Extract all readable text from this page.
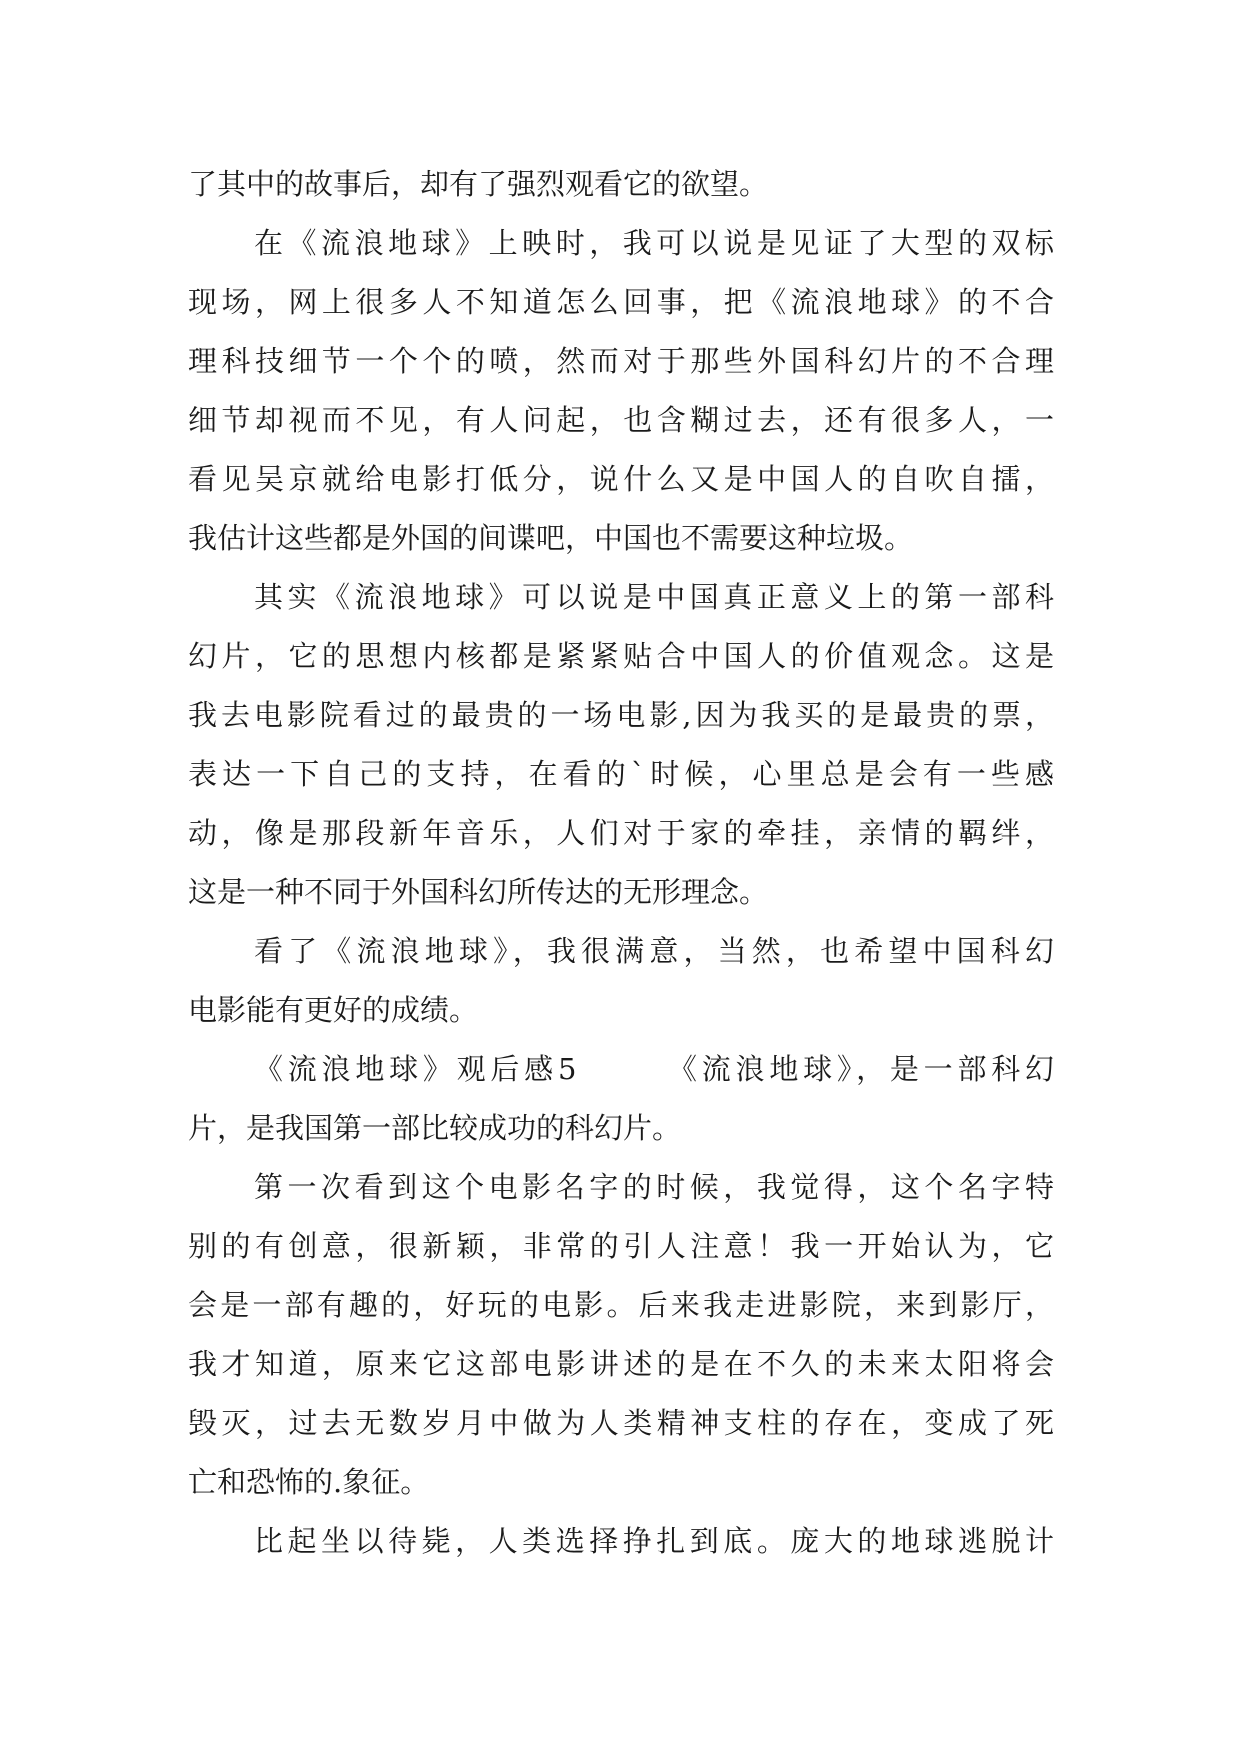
了其中的故事后，却有了强烈观看它的欲望。
在《流浪地球》上映时，我可以说是见证了大型的双标
现场，网上很多人不知道怎么回事，把《流浪地球》的不合
理科技细节一个个的喷，然而对于那些外国科幻片的不合理
细节却视而不见，有人问起，也含糊过去，还有很多人，一
看见吴京就给电影打低分，说什么又是中国人的自吹自擂，
我估计这些都是外国的间谍吧，中国也不需要这种垃圾。
其实《流浪地球》可以说是中国真正意义上的第一部科
幻片，它的思想内核都是紧紧贴合中国人的价值观念。这是
我去电影院看过的最贵的一场电影,因为我买的是最贵的票，
表达一下自己的支持，在看的`时候，心里总是会有一些感
动，像是那段新年音乐，人们对于家的牵挂，亲情的羁绊，
这是一种不同于外国科幻所传达的无形理念。
看了《流浪地球》，我很满意，当然，也希望中国科幻
电影能有更好的成绩。
《流浪地球》观后感5　　　《流浪地球》，是一部科幻
片，是我国第一部比较成功的科幻片。
第一次看到这个电影名字的时候，我觉得，这个名字特
别的有创意，很新颖，非常的引人注意！我一开始认为，它
会是一部有趣的，好玩的电影。后来我走进影院，来到影厅，
我才知道，原来它这部电影讲述的是在不久的未来太阳将会
毁灭，过去无数岁月中做为人类精神支柱的存在，变成了死
亡和恐怖的.象征。
比起坐以待毙，人类选择挣扎到底。庞大的地球逃脱计
